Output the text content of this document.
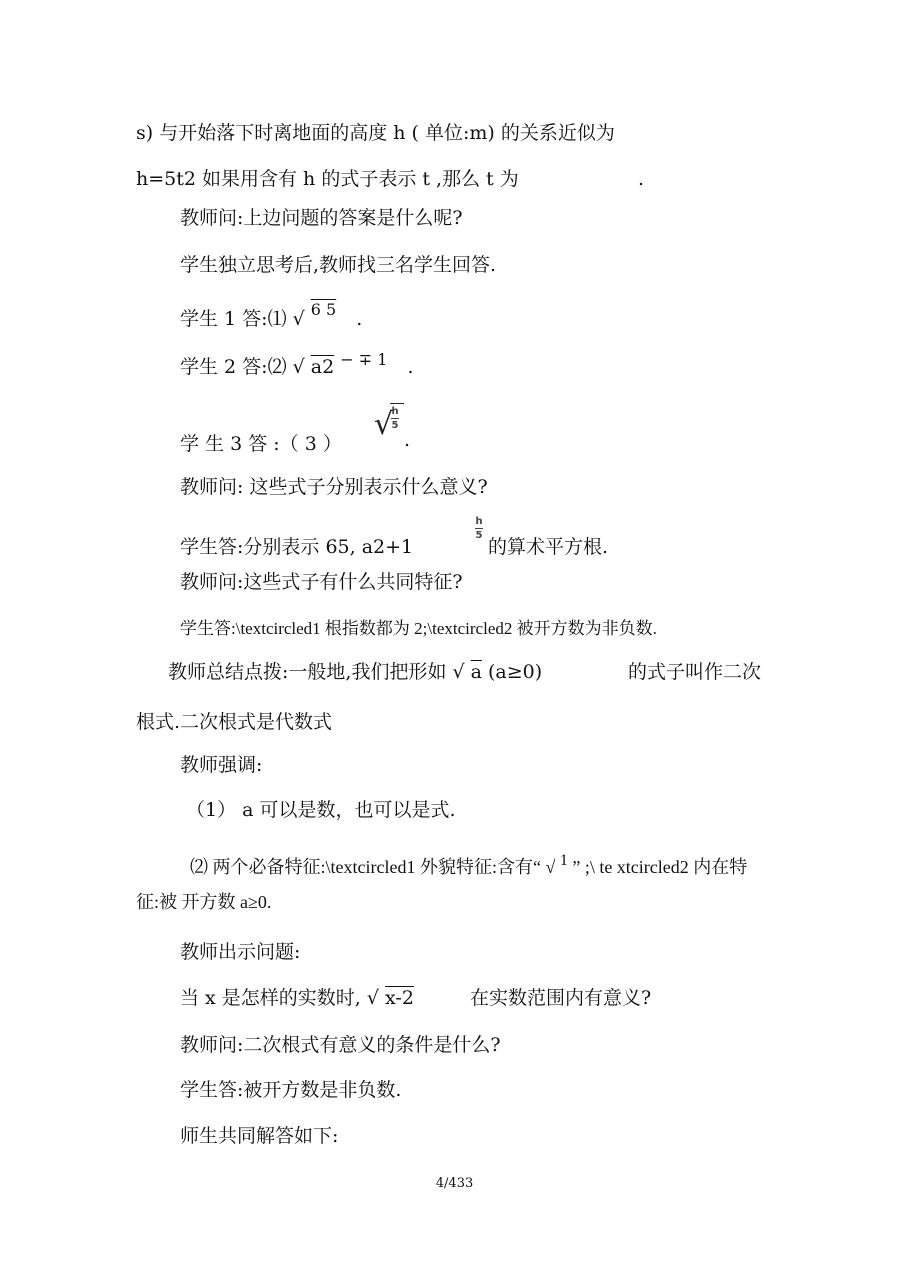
s) 与开始落下时离地面的高度 h ( 单位:m) 的关系近似为
h=5t2 如果用含有 h 的式子表示 t ,那么 t 为	.
教师问:上边问题的答案是什么呢?
学生独立思考后,教师找三名学生回答.
学生 1 答:⑴ √ $^{6 5}$ .
学生 2 答:⑵ √ a2 $^{- \mp 1}$ .
学 生 3 答 :（ 3 ）
√
h
5
.
教师问: 这些式子分别表示什么意义?
学生答:分别表示 65, a2+1
h
5
的算术平方根.
教师问:这些式子有什么共同特征?
学生答:\textcircled1 根指数都为 2;\textcircled2 被开方数为非负数.
教师总结点拨:一般地,我们把形如 √ a (a≥0)	的式子叫作二次
根式.二次根式是代数式
教师强调:
（1） a 可以是数，也可以是式.
⑵ 两个必备特征:\textcircled1 外貌特征:含有“ √ 1 ” ;\ te xtcircled2 内在特
征:被 开方数 a≥0.
教师出示问题:
当 x 是怎样的实数时, √ x-2	在实数范围内有意义?
教师问:二次根式有意义的条件是什么?
学生答:被开方数是非负数.
师生共同解答如下:
4/433
